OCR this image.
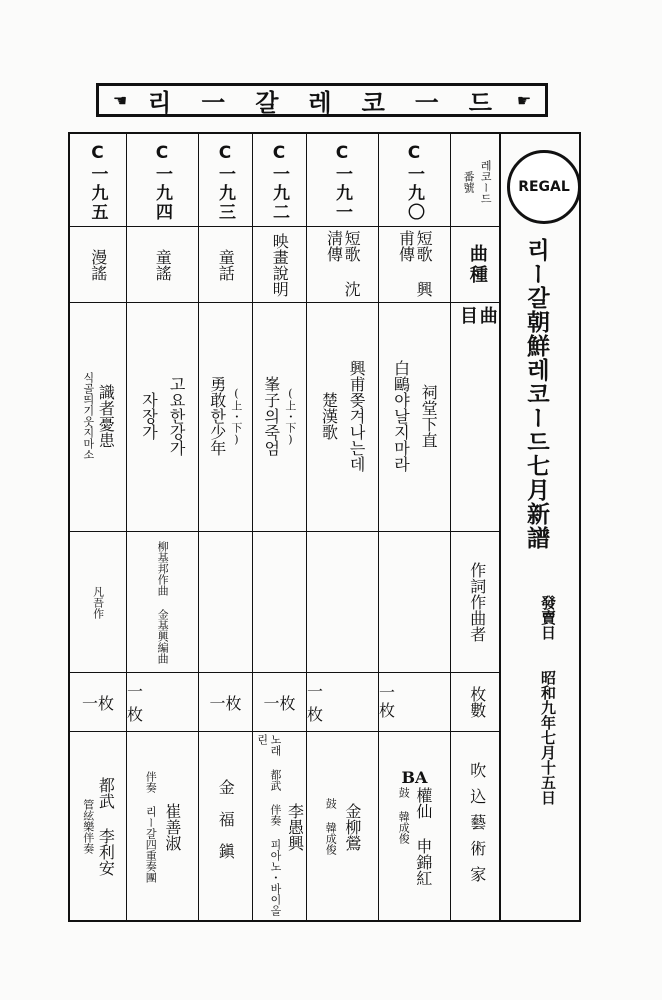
☚ 리 一 갈 레 코 一 드	☛
番號 레코ー드
曲種
曲目
作詞作曲者
枚數
吹込藝術家
C一九〇
短歌 興甫傳
白鷗야날지마라 祠堂下直
一枚
BA
鼓 韓成俊 權仙 申錦紅
C一九一
短歌 沈淸傳
楚漢歌 興甫쫒겨나는데
一枚
鼓 韓成俊 金柳鶯
C一九二
映畫說明
峯子의죽엄 (上・下)
一枚
노래 都武 伴奏 피아노・바이올린
李愚興
C一九三
童話
勇敢한少年 (上・下)
一枚
金福鎭
C一九四
童謠
자장가 고요한강가
柳基邦作曲 金基興編曲
一枚
伴奏 리ー갈四重奏團 崔善淑
C一九五
漫謠
식골띄기웃지마소 識者憂患
凡吾作
一枚
管絃樂伴奏 都武 李利安
REGAL
리ー갈朝鮮레코ー드七月新譜
發賣日
昭和九年七月十五日
